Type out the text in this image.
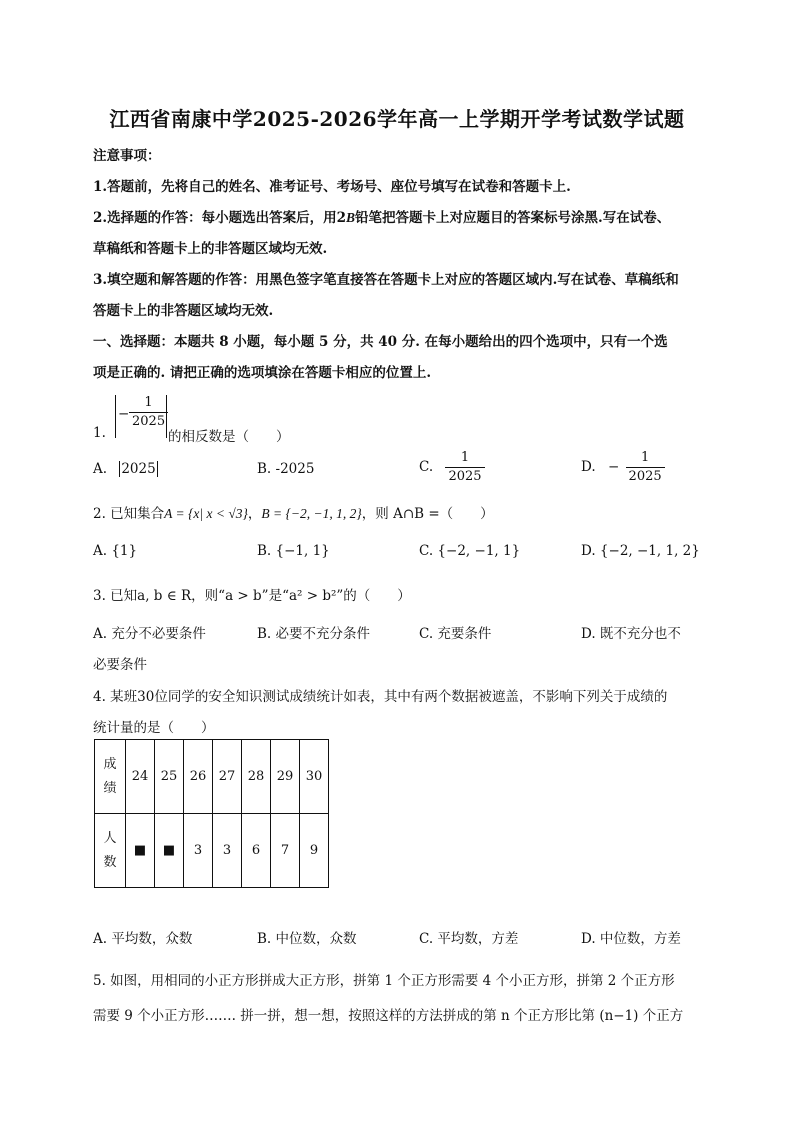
江西省南康中学2025-2026学年高一上学期开学考试数学试题
注意事项：
1.答题前，先将自己的姓名、准考证号、考场号、座位号填写在试卷和答题卡上.
2.选择题的作答：每小题选出答案后，用2B铅笔把答题卡上对应题目的答案标号涂黑.写在试卷、
草稿纸和答题卡上的非答题区域均无效.
3.填空题和解答题的作答：用黑色签字笔直接答在答题卡上对应的答题区域内.写在试卷、草稿纸和
答题卡上的非答题区域均无效.
一、选择题：本题共 8 小题，每小题 5 分，共 40 分. 在每小题给出的四个选项中，只有一个选
项是正确的. 请把正确的选项填涂在答题卡相应的位置上.
1.
− $\frac{1}{2025}$
的相反数是（　　）
A. 2025	B. -2025	C. $\frac{1}{2025}$	D. − $\frac{1}{2025}$
2. 已知集合A = {x| x < √3}，B = {−2, −1, 1, 2}，则 A∩B =（　　）
A. {1}	B. {−1, 1}	C. {−2, −1, 1}	D. {−2, −1, 1, 2}
3. 已知a, b ∈ R，则“a > b”是“a² > b²”的（　　）
A. 充分不必要条件	B. 必要不充分条件	C. 充要条件	D. 既不充分也不
必要条件
4. 某班30位同学的安全知识测试成绩统计如表，其中有两个数据被遮盖，不影响下列关于成绩的
统计量的是（　　）
成
绩	24	25	26	27	28	29	30

人
数	■	■	3	3	6	7	9
A. 平均数，众数	B. 中位数，众数	C. 平均数，方差	D. 中位数，方差
5. 如图，用相同的小正方形拼成大正方形，拼第 1 个正方形需要 4 个小正方形，拼第 2 个正方形
需要 9 个小正方形……. 拼一拼，想一想，按照这样的方法拼成的第 n 个正方形比第 (n−1) 个正方
